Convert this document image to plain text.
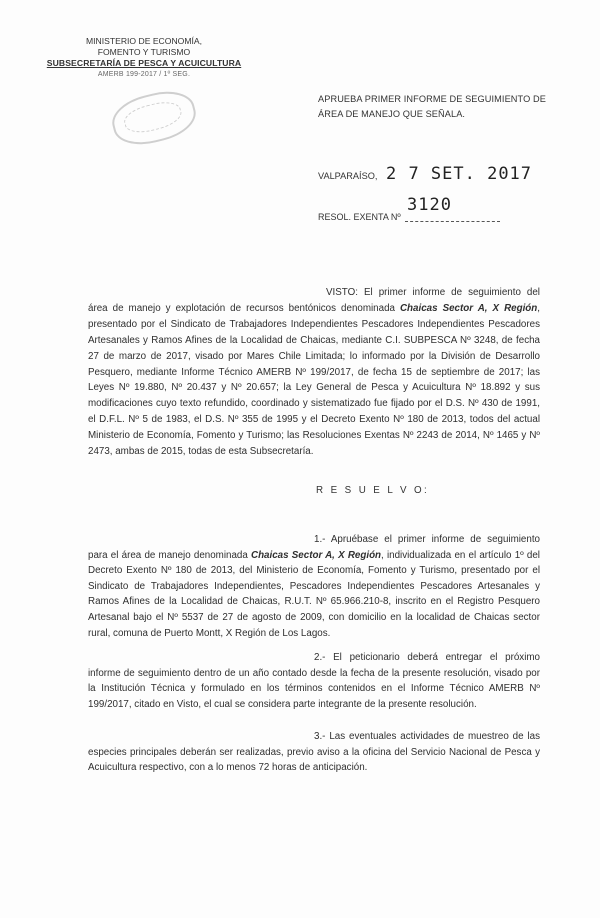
MINISTERIO DE ECONOMÍA,
FOMENTO Y TURISMO
SUBSECRETARÍA DE PESCA Y ACUICULTURA
AMERB 199-2017 / 1º SEG.
APRUEBA PRIMER INFORME DE SEGUIMIENTO DE ÁREA DE MANEJO QUE SEÑALA.
VALPARAÍSO, 2 7 SET. 2017
RESOL. EXENTA Nº
3120
VISTO: El primer informe de seguimiento del área de manejo y explotación de recursos bentónicos denominada Chaicas Sector A, X Región, presentado por el Sindicato de Trabajadores Independientes Pescadores Independientes Pescadores Artesanales y Ramos Afines de la Localidad de Chaicas, mediante C.I. SUBPESCA Nº 3248, de fecha 27 de marzo de 2017, visado por Mares Chile Limitada; lo informado por la División de Desarrollo Pesquero, mediante Informe Técnico AMERB Nº 199/2017, de fecha 15 de septiembre de 2017; las Leyes Nº 19.880, Nº 20.437 y Nº 20.657; la Ley General de Pesca y Acuicultura Nº 18.892 y sus modificaciones cuyo texto refundido, coordinado y sistematizado fue fijado por el D.S. Nº 430 de 1991, el D.F.L. Nº 5 de 1983, el D.S. Nº 355 de 1995 y el Decreto Exento Nº 180 de 2013, todos del actual Ministerio de Economía, Fomento y Turismo; las Resoluciones Exentas Nº 2243 de 2014, Nº 1465 y Nº 2473, ambas de 2015, todas de esta Subsecretaría.
R E S U E L V O:
1.- Apruébase el primer informe de seguimiento para el área de manejo denominada Chaicas Sector A, X Región, individualizada en el artículo 1º del Decreto Exento Nº 180 de 2013, del Ministerio de Economía, Fomento y Turismo, presentado por el Sindicato de Trabajadores Independientes, Pescadores Independientes Pescadores Artesanales y Ramos Afines de la Localidad de Chaicas, R.U.T. Nº 65.966.210-8, inscrito en el Registro Pesquero Artesanal bajo el Nº 5537 de 27 de agosto de 2009, con domicilio en la localidad de Chaicas sector rural, comuna de Puerto Montt, X Región de Los Lagos.
2.- El peticionario deberá entregar el próximo informe de seguimiento dentro de un año contado desde la fecha de la presente resolución, visado por la Institución Técnica y formulado en los términos contenidos en el Informe Técnico AMERB Nº 199/2017, citado en Visto, el cual se considera parte integrante de la presente resolución.
3.- Las eventuales actividades de muestreo de las especies principales deberán ser realizadas, previo aviso a la oficina del Servicio Nacional de Pesca y Acuicultura respectivo, con a lo menos 72 horas de anticipación.
